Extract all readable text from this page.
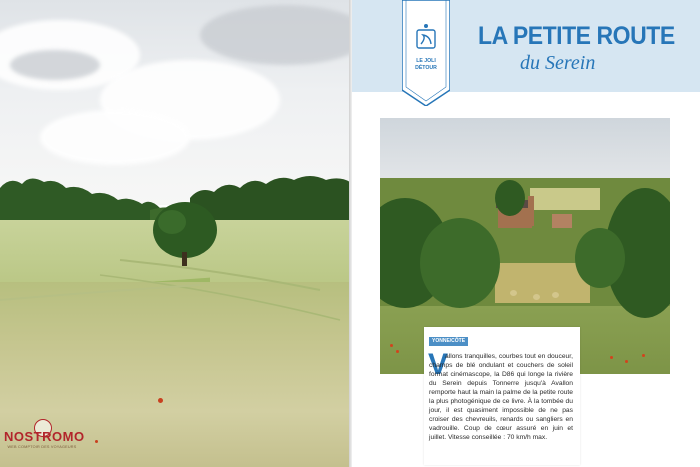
NOSTROMO
WEB COMPTOIR DES VOYAGEURS
LE JOLI
DÉTOUR
LA PETITE ROUTE
du Serein
YONNE/CÔTE
V
allons tranquilles, courbes tout en douceur, champs de blé ondulant et couchers de soleil format cinémascope, la D86 qui longe la rivière du Serein depuis Tonnerre jusqu'à Avallon remporte haut la main la palme de la petite route la plus photogénique de ce livre. À la tombée du jour, il est quasiment impossible de ne pas croiser des chevreuils, renards ou sangliers en vadrouille. Coup de cœur assuré en juin et juillet. Vitesse conseillée : 70 km/h max.
